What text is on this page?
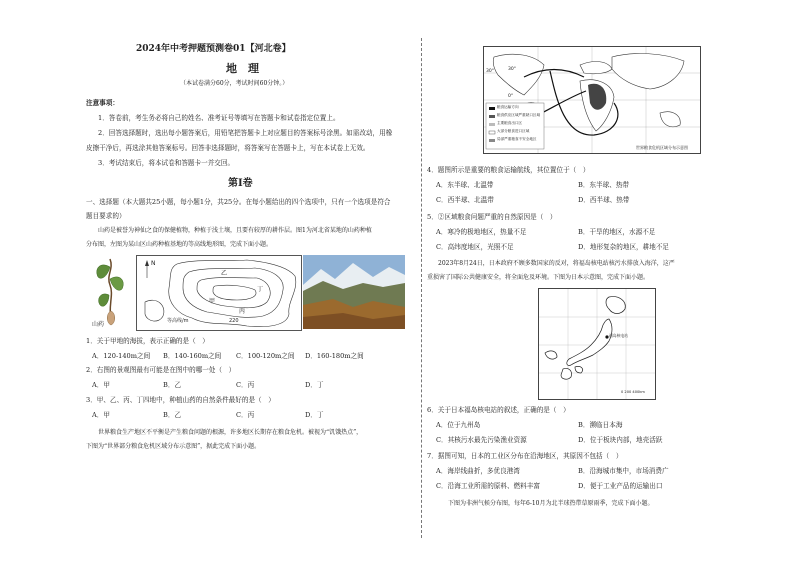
2024年中考押题预测卷01【河北卷】
地　理
（本试卷满分60分，考试时间60分钟。）
注意事项：
1．答卷前，考生务必将自己的姓名、准考证号等填写在答题卡和试卷指定位置上。
2．回答选择题时，选出每小题答案后，用铅笔把答题卡上对应题目的答案标号涂黑。如需改动，用橡
皮擦干净后，再选涂其他答案标号。回答非选择题时，将答案写在答题卡上，写在本试卷上无效。
3．考试结束后，将本试卷和答题卡一并交回。
第Ⅰ卷
一、选择题（本大题共25小题，每小题1分，共25分。在每小题给出的四个选项中，只有一个选项是符合
题目要求的）
山药是被誉为神仙之食的保健植物，种植于浅土壤，且要有较厚的耕作层。图1为河北省某地的山药种植
分布图，左图为某山区山药种植基地的等高线地形图，完成下面小题。
山药
N
乙
甲
丙
丁
220
等高线/m
1．关于甲地的海拔，表示正确的是（　）
A．120-140m之间 B．140-160m之间 C．100-120m之间 D．160-180m之间
2．右图的景观图最有可能是在图中的哪一处（　）
A．甲	B．乙	C．丙	D．丁
3．甲、乙、丙、丁四地中，种植山药的自然条件最好的是（　）
A．甲	B．乙	C．丙	D．丁
世界粮食生产地区不平衡是产生粮食问题的根源，许多地区长期存在粮食危机。被视为“饥饿热点”，
下图为“世界部分粮食危机区域分布示意图”，据此完成下面小题。
粮食运输方向
粮食供应区域严重缺口区域
主要粮食出口区
大部分粮食进口区域
局部严重粮食不安全地区
30°
0°
30°
世界粮食危机区域分布示意图
4．题图所示是重要的粮食运输航线，其位置位于（　）
A．东半球、北温带	B．东半球、热带
C．西半球、北温带	D．西半球、热带
5．②区域粮食问题严重的自然原因是（　）
A．寒冷的极地地区，热量不足	B．干旱的地区，水源不足
C．高纬度地区，光照不足	D．地形复杂的地区，耕地不足
2023年8月24日，日本政府不顾多数国家的反对，将福岛核电站核污水排放入海洋，这严
重损害了国际公共健康安全，将全面危及环境。下图为日本示意图，完成下面小题。
福岛核电站
0 200 400km
6．关于日本福岛核电站的叙述，正确的是（　）
A．位于九州岛	B．濒临日本海
C．其核污水最先污染渔业资源	D．位于板块内部，地壳活跃
7．据图可知，日本的工业区分布在沿海地区，其原因不包括（　）
A．海岸线曲折，多优良港湾	B．沿海城市集中，市场消费广
C．沿海工业所需的原料、燃料丰富	D．便于工业产品的运输出口
下图为非洲气候分布图，每年6-10月为北半球热带草原雨季，完成下面小题。
